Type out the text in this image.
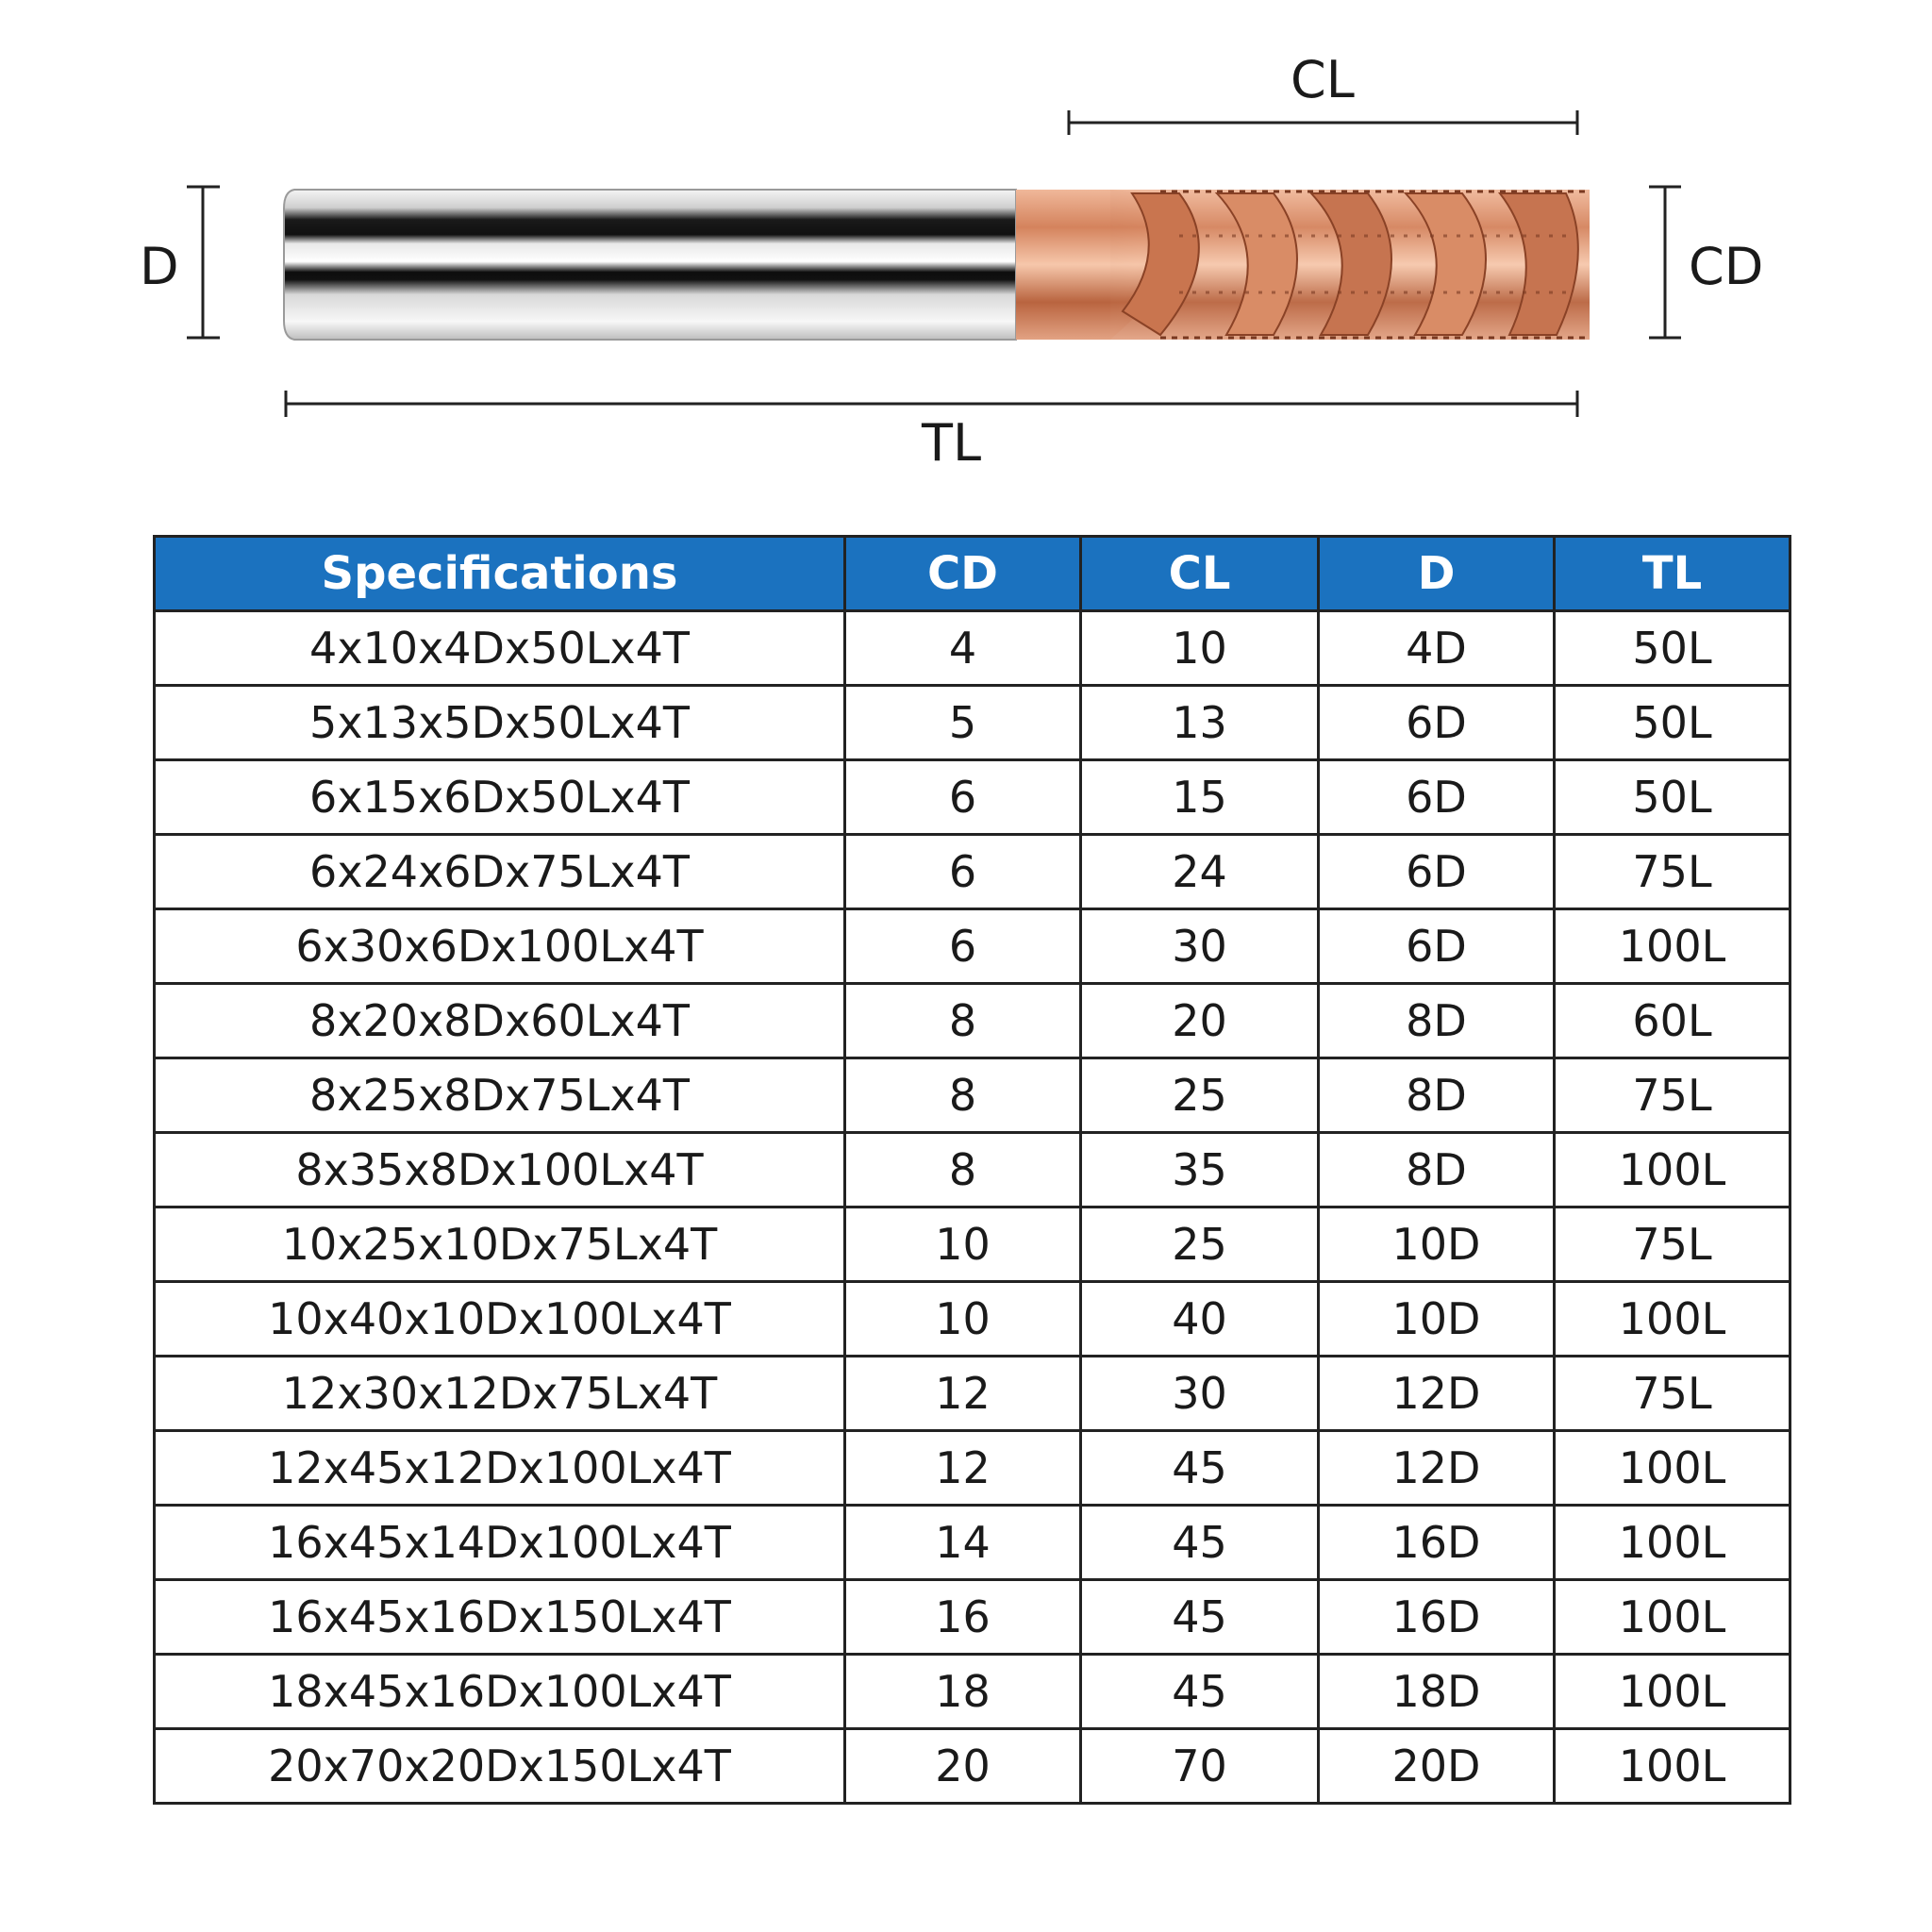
CL
D	CD
TL
Specifications	CD	CL	D	TL
4x10x4Dx50Lx4T	4	10	4D	50L
5x13x5Dx50Lx4T	5	13	6D	50L
6x15x6Dx50Lx4T	6	15	6D	50L
6x24x6Dx75Lx4T	6	24	6D	75L
6x30x6Dx100Lx4T	6	30	6D	100L
8x20x8Dx60Lx4T	8	20	8D	60L
8x25x8Dx75Lx4T	8	25	8D	75L
8x35x8Dx100Lx4T	8	35	8D	100L
10x25x10Dx75Lx4T	10	25	10D	75L
10x40x10Dx100Lx4T	10	40	10D	100L
12x30x12Dx75Lx4T	12	30	12D	75L
12x45x12Dx100Lx4T	12	45	12D	100L
16x45x14Dx100Lx4T	14	45	16D	100L
16x45x16Dx150Lx4T	16	45	16D	100L
18x45x16Dx100Lx4T	18	45	18D	100L
20x70x20Dx150Lx4T	20	70	20D	100L
